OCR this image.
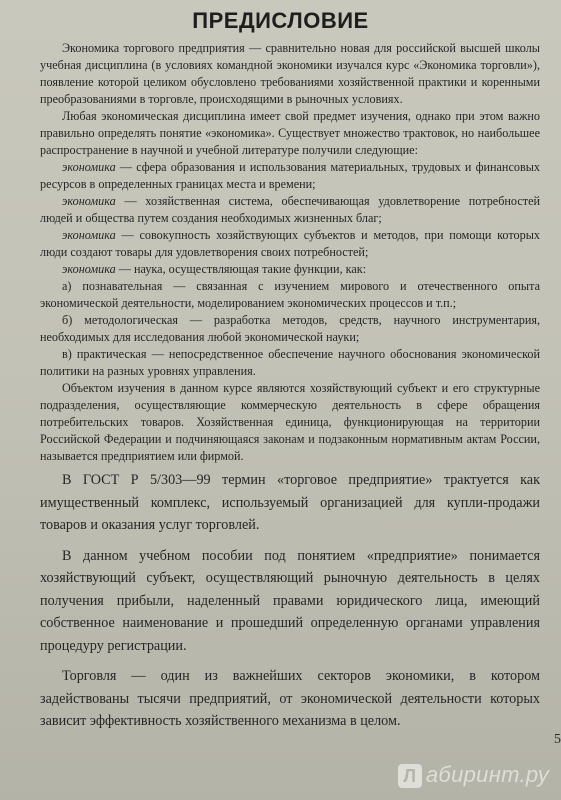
ПРЕДИСЛОВИЕ

Экономика торгового предприятия — сравнительно новая для российской высшей школы учебная дисциплина (в условиях командной экономики изучался курс «Экономика торговли»), появление которой целиком обусловлено требованиями хозяйственной практики и коренными преобразованиями в торговле, происходящими в рыночных условиях.

Любая экономическая дисциплина имеет свой предмет изучения, однако при этом важно правильно определять понятие «экономика». Существует множество трактовок, но наибольшее распространение в научной и учебной литературе получили следующие:

экономика — сфера образования и использования материальных, трудовых и финансовых ресурсов в определенных границах места и времени;

экономика — хозяйственная система, обеспечивающая удовлетворение потребностей людей и общества путем создания необходимых жизненных благ;

экономика — совокупность хозяйствующих субъектов и методов, при помощи которых люди создают товары для удовлетворения своих потребностей;

экономика — наука, осуществляющая такие функции, как:

а) познавательная — связанная с изучением мирового и отечественного опыта экономической деятельности, моделированием экономических процессов и т.п.;

б) методологическая — разработка методов, средств, научного инструментария, необходимых для исследования любой экономической науки;

в) практическая — непосредственное обеспечение научного обоснования экономической политики на разных уровнях управления.

Объектом изучения в данном курсе являются хозяйствующий субъект и его структурные подразделения, осуществляющие коммерческую деятельность в сфере обращения потребительских товаров. Хозяйственная единица, функционирующая на территории Российской Федерации и подчиняющаяся законам и подзаконным нормативным актам России, называется предприятием или фирмой.

В ГОСТ Р 5/303—99 термин «торговое предприятие» трактуется как имущественный комплекс, используемый организацией для купли-продажи товаров и оказания услуг торговлей.

В данном учебном пособии под понятием «предприятие» понимается хозяйствующий субъект, осуществляющий рыночную деятельность в целях получения прибыли, наделенный правами юридического лица, имеющий собственное наименование и прошедший определенную органами управления процедуру регистрации.

Торговля — один из важнейших секторов экономики, в котором задействованы тысячи предприятий, от экономической деятельности которых зависит эффективность хозяйственного механизма в целом.

5
Л абиринт.ру
